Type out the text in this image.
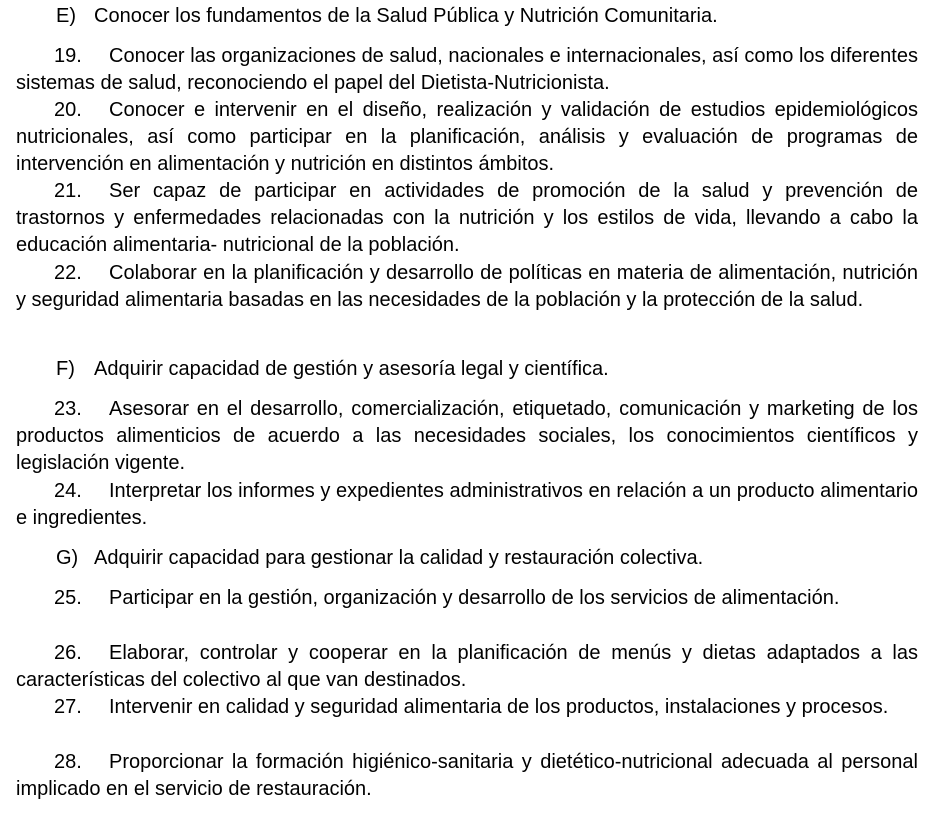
E) Conocer los fundamentos de la Salud Pública y Nutrición Comunitaria.

19. Conocer las organizaciones de salud, nacionales e internacionales, así como los diferentes sistemas de salud, reconociendo el papel del Dietista-Nutricionista.

20. Conocer e intervenir en el diseño, realización y validación de estudios epidemiológicos nutricionales, así como participar en la planificación, análisis y evaluación de programas de intervención en alimentación y nutrición en distintos ámbitos.

21. Ser capaz de participar en actividades de promoción de la salud y prevención de trastornos y enfermedades relacionadas con la nutrición y los estilos de vida, llevando a cabo la educación alimentaria- nutricional de la población.

22. Colaborar en la planificación y desarrollo de políticas en materia de alimentación, nutrición y seguridad alimentaria basadas en las necesidades de la población y la protección de la salud.

F) Adquirir capacidad de gestión y asesoría legal y científica.

23. Asesorar en el desarrollo, comercialización, etiquetado, comunicación y marketing de los productos alimenticios de acuerdo a las necesidades sociales, los conocimientos científicos y legislación vigente.

24. Interpretar los informes y expedientes administrativos en relación a un producto alimentario e ingredientes.

G) Adquirir capacidad para gestionar la calidad y restauración colectiva.

25. Participar en la gestión, organización y desarrollo de los servicios de alimentación.

26. Elaborar, controlar y cooperar en la planificación de menús y dietas adaptados a las características del colectivo al que van destinados.

27. Intervenir en calidad y seguridad alimentaria de los productos, instalaciones y procesos.

28. Proporcionar la formación higiénico-sanitaria y dietético-nutricional adecuada al personal implicado en el servicio de restauración.
